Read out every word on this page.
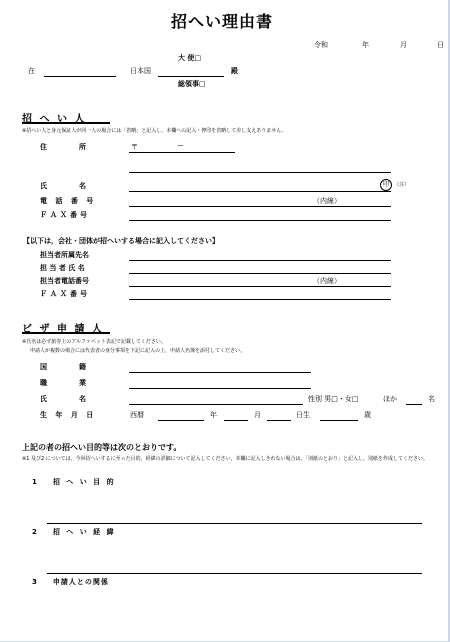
招へい理由書
令和	年	月	日
大 使□
在	日本国	殿
総領事□
招 へ い 人
※招へい人と身元保証人が同一人の場合には「省略」と記入し，本欄への記入・押印を省略して差し支えありません。
住　　所	〒	ー
氏　　名	印 （注）
電 話 番 号	（内線）
ＦＡＸ番号
【以下は，会社・団体が招へいする場合に記入してください】
担当者所属先名
担 当 者 氏 名
担当者電話番号	（内線）
ＦＡＸ番号
ビ ザ 申 請 人
※氏名は必ず旅券上のアルファベット表記で記載してください。
申請人が複数の場合には代表者の身分事項を下記に記入の上，申請人名簿を添付してください。
国　　籍
職　　業
氏　　名	性別 男□・女□	ほか	名
生 年 月 日	西暦	年	月	日生	歳
上記の者の招へい目的等は次のとおりです。
※1 及び2 については，今回招へいするに至った目的，経緯の詳細について記入してください。本欄に記入しきれない場合は，「別紙のとおり」と記入し，別紙を作成してください。
1 招 へ い 目 的
2 招 へ い 経 緯
3 申請人との関係
